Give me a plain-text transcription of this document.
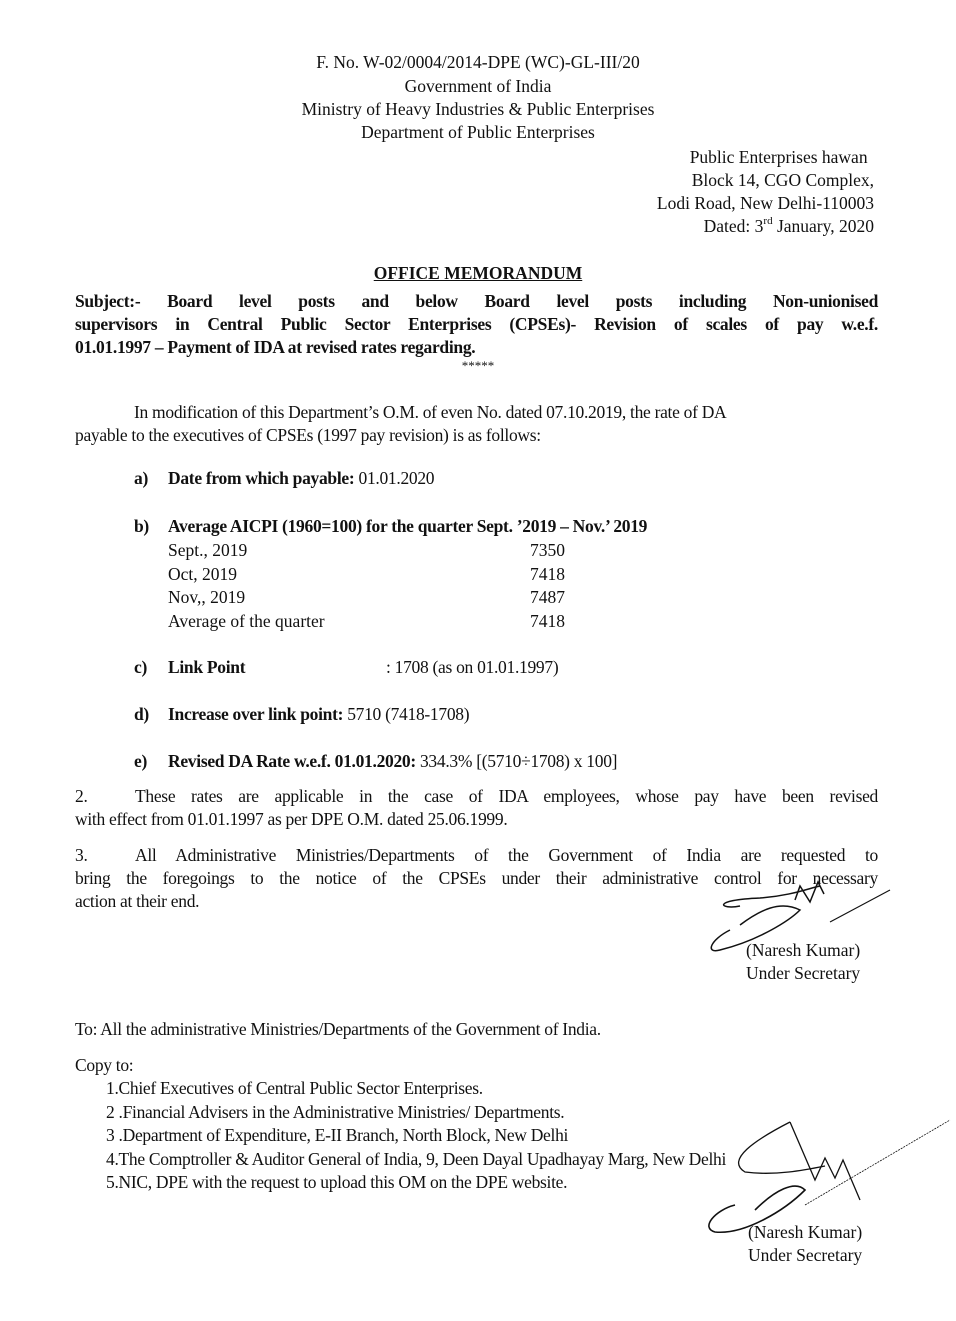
F. No. W-02/0004/2014-DPE (WC)-GL-III/20
Government of India
Ministry of Heavy Industries & Public Enterprises
Department of Public Enterprises
Public Enterprises hawan
Block 14, CGO Complex,
Lodi Road, New Delhi-110003
Dated: 3rd January, 2020
OFFICE MEMORANDUM
Subject:- Board level posts and below Board level posts including Non-unionised
supervisors in Central Public Sector Enterprises (CPSEs)- Revision of scales of pay w.e.f.
01.01.1997 – Payment of IDA at revised rates regarding.
*****
In modification of this Department’s O.M. of even No. dated 07.10.2019, the rate of DA
payable to the executives of CPSEs (1997 pay revision) is as follows:
a) Date from which payable: 01.01.2020
b) Average AICPI (1960=100) for the quarter Sept. ’2019 – Nov.’ 2019
Sept., 2019	7350
Oct, 2019	7418
Nov,, 2019	7487
Average of the quarter	7418
c) Link Point	: 1708 (as on 01.01.1997)
d) Increase over link point: 5710 (7418-1708)
e) Revised DA Rate w.e.f. 01.01.2020: 334.3% [(5710÷1708) x 100]
2.	These rates are applicable in the case of IDA employees, whose pay have been revised
with effect from 01.01.1997 as per DPE O.M. dated 25.06.1999.
3.	All Administrative Ministries/Departments of the Government of India are requested to
bring the foregoings to the notice of the CPSEs under their administrative control for necessary
action at their end.
(Naresh Kumar)
Under Secretary
To: All the administrative Ministries/Departments of the Government of India.
Copy to:
1.Chief Executives of Central Public Sector Enterprises.
2 .Financial Advisers in the Administrative Ministries/ Departments.
3 .Department of Expenditure, E-II Branch, North Block, New Delhi
4.The Comptroller & Auditor General of India, 9, Deen Dayal Upadhayay Marg, New Delhi
5.NIC, DPE with the request to upload this OM on the DPE website.
(Naresh Kumar)
Under Secretary
